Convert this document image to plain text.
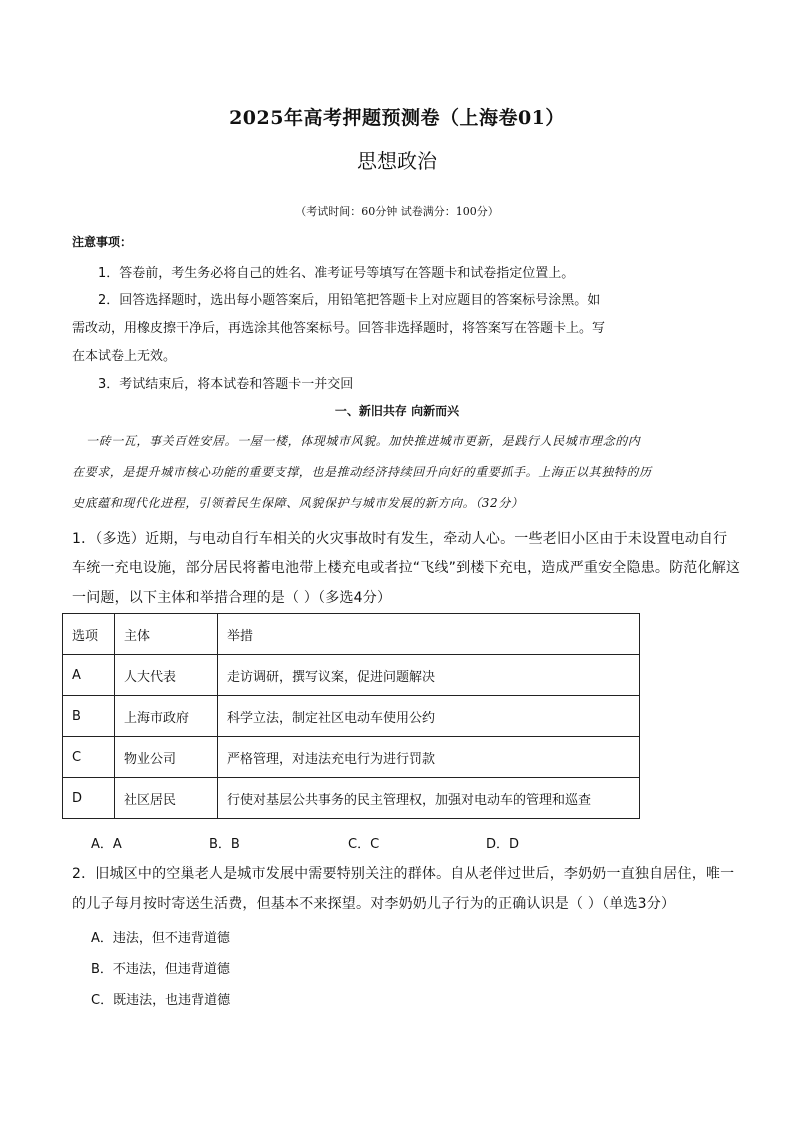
2025年高考押题预测卷（上海卷01）
思想政治
（考试时间：60分钟 试卷满分：100分）
注意事项：
1．答卷前，考生务必将自己的姓名、准考证号等填写在答题卡和试卷指定位置上。
2．回答选择题时，选出每小题答案后，用铅笔把答题卡上对应题目的答案标号涂黑。如
需改动，用橡皮擦干净后，再选涂其他答案标号。回答非选择题时，将答案写在答题卡上。写
在本试卷上无效。
3．考试结束后，将本试卷和答题卡一并交回
一、新旧共存 向新而兴
一砖一瓦，事关百姓安居。一屋一楼，体现城市风貌。加快推进城市更新，是践行人民城市理念的内
在要求，是提升城市核心功能的重要支撑，也是推动经济持续回升向好的重要抓手。上海正以其独特的历
史底蕴和现代化进程，引领着民生保障、风貌保护与城市发展的新方向。（32分）
1．（多选）近期，与电动自行车相关的火灾事故时有发生，牵动人心。一些老旧小区由于未设置电动自行
车统一充电设施，部分居民将蓄电池带上楼充电或者拉“飞线”到楼下充电，造成严重安全隐患。防范化解这
一问题，以下主体和举措合理的是（ ）（多选4分）
选项	主体	举措
A	人大代表	走访调研，撰写议案，促进问题解决
B	上海市政府	科学立法，制定社区电动车使用公约
C	物业公司	严格管理，对违法充电行为进行罚款
D	社区居民	行使对基层公共事务的民主管理权，加强对电动车的管理和巡查
A．A	B．B	C．C	D．D
2．旧城区中的空巢老人是城市发展中需要特别关注的群体。自从老伴过世后，李奶奶一直独自居住，唯一
的儿子每月按时寄送生活费，但基本不来探望。对李奶奶儿子行为的正确认识是（ ）（单选3分）
A．违法，但不违背道德
B．不违法，但违背道德
C．既违法，也违背道德
